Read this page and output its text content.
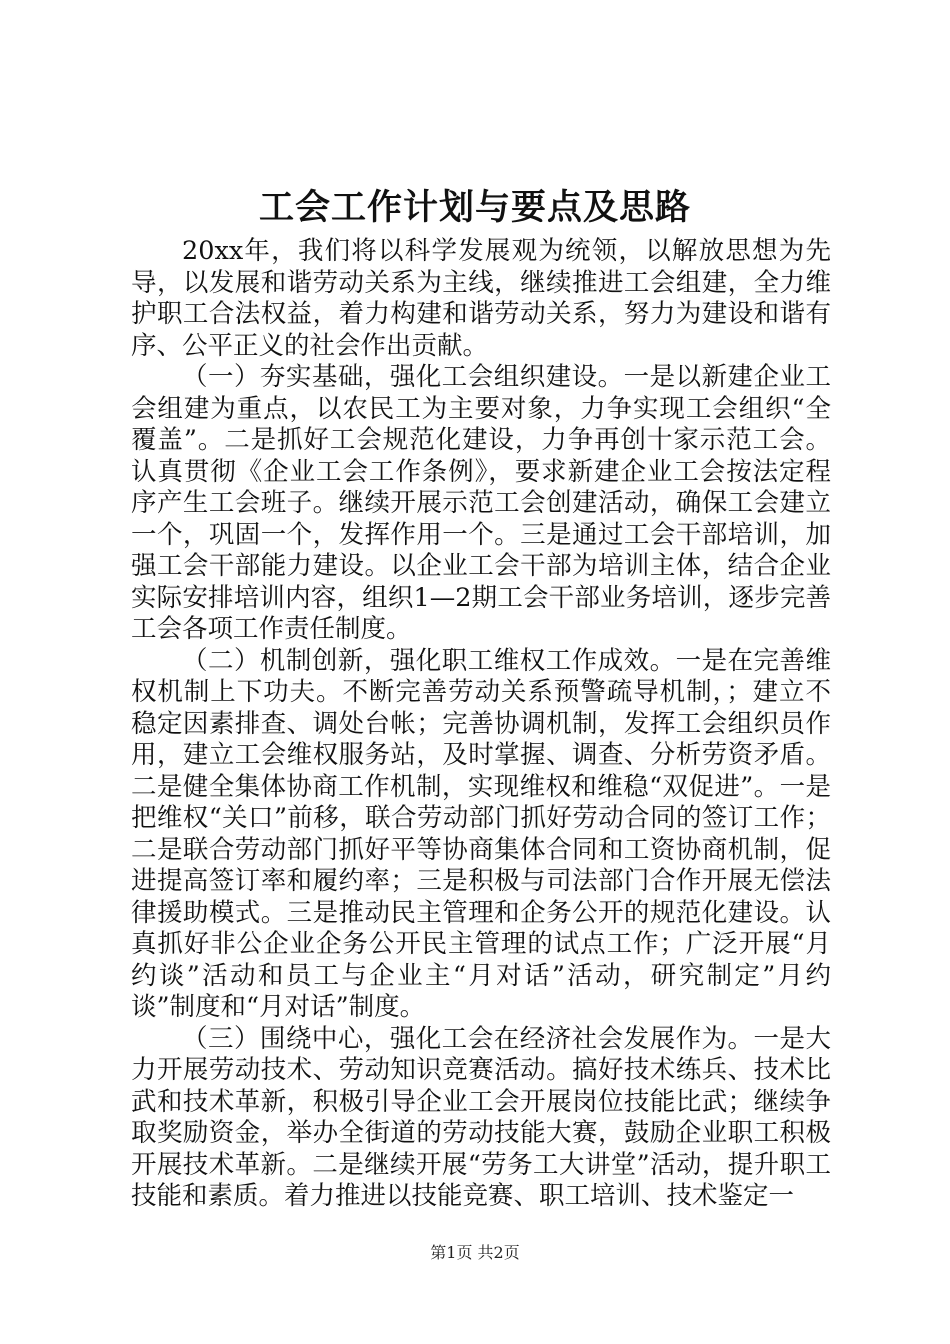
工会工作计划与要点及思路

20xx年，我们将以科学发展观为统领，以解放思想为先导，以发展和谐劳动关系为主线，继续推进工会组建，全力维护职工合法权益，着力构建和谐劳动关系，努力为建设和谐有序、公平正义的社会作出贡献。

（一）夯实基础，强化工会组织建设。一是以新建企业工会组建为重点，以农民工为主要对象，力争实现工会组织“全覆盖”。二是抓好工会规范化建设，力争再创十家示范工会。认真贯彻《企业工会工作条例》，要求新建企业工会按法定程序产生工会班子。继续开展示范工会创建活动，确保工会建立一个，巩固一个，发挥作用一个。三是通过工会干部培训，加强工会干部能力建设。以企业工会干部为培训主体，结合企业实际安排培训内容，组织1—2期工会干部业务培训，逐步完善工会各项工作责任制度。

（二）机制创新，强化职工维权工作成效。一是在完善维权机制上下功夫。不断完善劳动关系预警疏导机制，；建立不稳定因素排查、调处台帐；完善协调机制，发挥工会组织员作用，建立工会维权服务站，及时掌握、调查、分析劳资矛盾。二是健全集体协商工作机制，实现维权和维稳“双促进”。一是把维权“关口”前移，联合劳动部门抓好劳动合同的签订工作；二是联合劳动部门抓好平等协商集体合同和工资协商机制，促进提高签订率和履约率；三是积极与司法部门合作开展无偿法律援助模式。三是推动民主管理和企务公开的规范化建设。认真抓好非公企业企务公开民主管理的试点工作；广泛开展“月约谈”活动和员工与企业主“月对话”活动，研究制定”月约谈”制度和“月对话”制度。

（三）围绕中心，强化工会在经济社会发展作为。一是大力开展劳动技术、劳动知识竞赛活动。搞好技术练兵、技术比武和技术革新，积极引导企业工会开展岗位技能比武；继续争取奖励资金，举办全街道的劳动技能大赛，鼓励企业职工积极开展技术革新。二是继续开展“劳务工大讲堂”活动，提升职工技能和素质。着力推进以技能竞赛、职工培训、技术鉴定一

第1页 共2页
